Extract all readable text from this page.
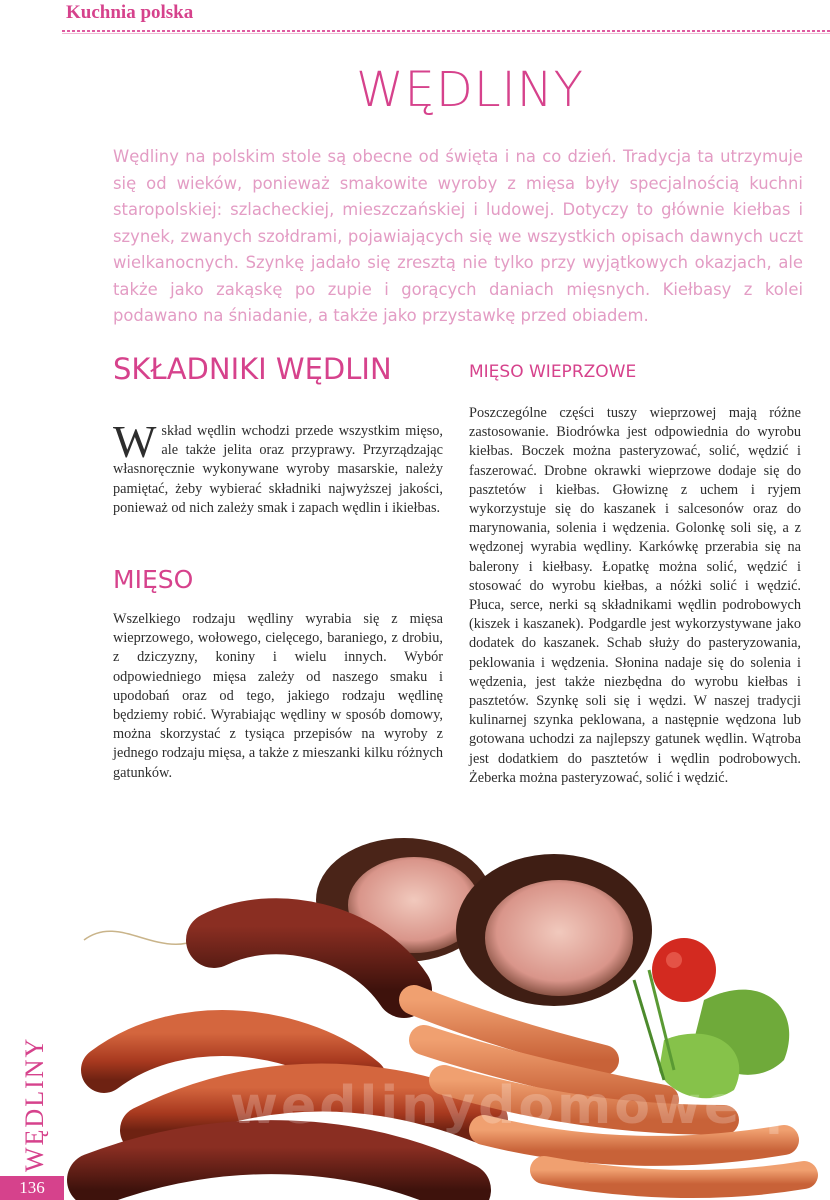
Kuchnia polska
WĘDLINY

Wędliny na polskim stole są obecne od święta i na co dzień. Tradycja ta utrzymuje się od wieków, ponieważ smakowite wyroby z mięsa były specjalnością kuchni staropolskiej: szlacheckiej, mieszczańskiej i ludowej. Dotyczy to głównie kiełbas i szynek, zwanych szołdrami, pojawiających się we wszystkich opisach dawnych uczt wielkanocnych. Szynkę jadało się zresztą nie tylko przy wyjątkowych okazjach, ale także jako zakąskę po zupie i gorących daniach mięsnych. Kiełbasy z kolei podawano na śniadanie, a także jako przystawkę przed obiadem.

SKŁADNIKI WĘDLIN
Wskład wędlin wchodzi przede wszystkim mięso, ale także jelita oraz przyprawy. Przyrządzając własnoręcznie wykonywane wyroby masarskie, należy pamiętać, żeby wybierać składniki najwyższej jakości, ponieważ od nich zależy smak i zapach wędlin i ikiełbas.
MIĘSO

Wszelkiego rodzaju wędliny wyrabia się z mięsa wieprzowego, wołowego, cielęcego, baraniego, z drobiu, z dziczyzny, koniny i wielu innych. Wybór odpowiedniego mięsa zależy od naszego smaku i upodobań oraz od tego, jakiego rodzaju wędlinę będziemy robić. Wyrabiając wędliny w sposób domowy, można skorzystać z tysiąca przepisów na wyroby z jednego rodzaju mięsa, a także z mieszanki kilku różnych gatunków.

MIĘSO WIEPRZOWE

Poszczególne części tuszy wieprzowej mają różne zastosowanie. Biodrówka jest odpowiednia do wyrobu kiełbas. Boczek można pasteryzować, solić, wędzić i faszerować. Drobne okrawki wieprzowe dodaje się do pasztetów i kiełbas. Głowiznę z uchem i ryjem wykorzystuje się do kaszanek i salcesonów oraz do marynowania, solenia i wędzenia. Golonkę soli się, a z wędzonej wyrabia wędliny. Karkówkę przerabia się na balerony i kiełbasy. Łopatkę można solić, wędzić i stosować do wyrobu kiełbas, a nóżki solić i wędzić. Płuca, serce, nerki są składnikami wędlin podrobowych (kiszek i kaszanek). Podgardle jest wykorzystywane jako dodatek do kaszanek. Schab służy do pasteryzowania, peklowania i wędzenia. Słonina nadaje się do solenia i wędzenia, jest także niezbędna do wyrobu kiełbas i pasztetów. Szynkę soli się i wędzi. W naszej tradycji kulinarnej szynka peklowana, a następnie wędzona lub gotowana uchodzi za najlepszy gatunek wędlin. Wątroba jest dodatkiem do pasztetów i wędlin podrobowych. Żeberka można pasteryzować, solić i wędzić.

wedlinydomowe.pl
WĘDLINY
136
